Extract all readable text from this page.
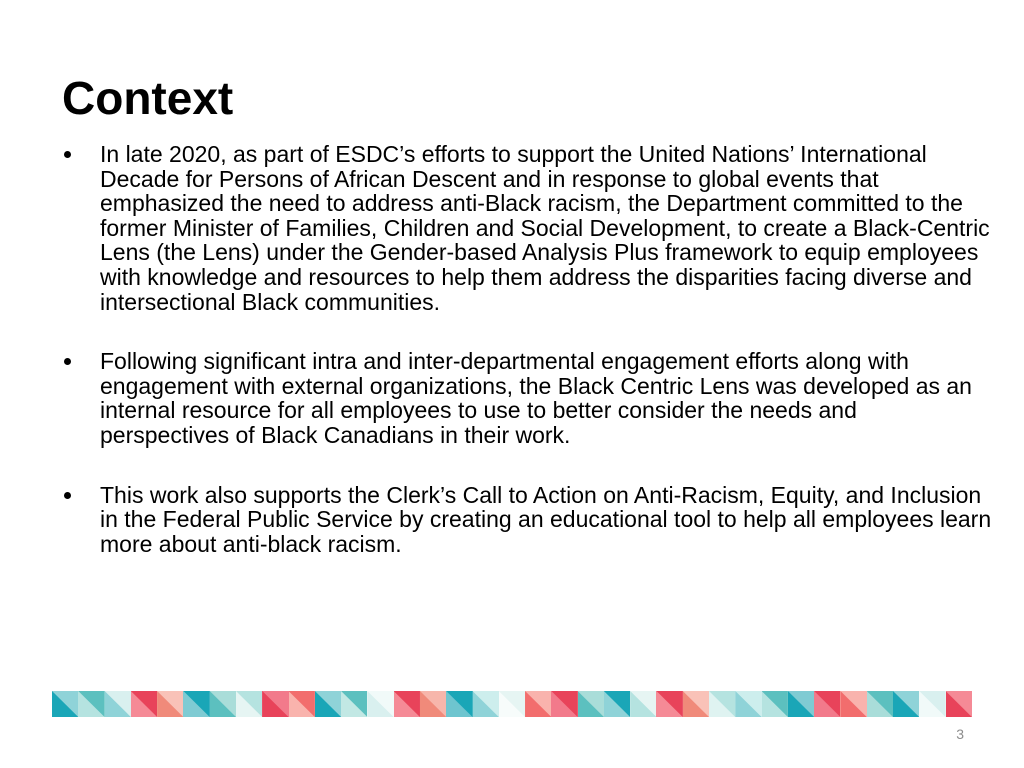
Context
In late 2020, as part of ESDC’s efforts to support the United Nations’ International Decade for Persons of African Descent and in response to global events that emphasized the need to address anti-Black racism, the Department committed to the former Minister of Families, Children and Social Development, to create a Black-Centric Lens (the Lens) under the Gender-based Analysis Plus framework to equip employees with knowledge and resources to help them address the disparities facing diverse and intersectional Black communities.
Following significant intra and inter-departmental engagement efforts along with engagement with external organizations, the Black Centric Lens was developed as an internal resource for all employees to use to better consider the needs and perspectives of Black Canadians in their work.
This work also supports the Clerk’s Call to Action on Anti-Racism, Equity, and Inclusion in the Federal Public Service by creating an educational tool to help all employees learn more about anti-black racism.
3
